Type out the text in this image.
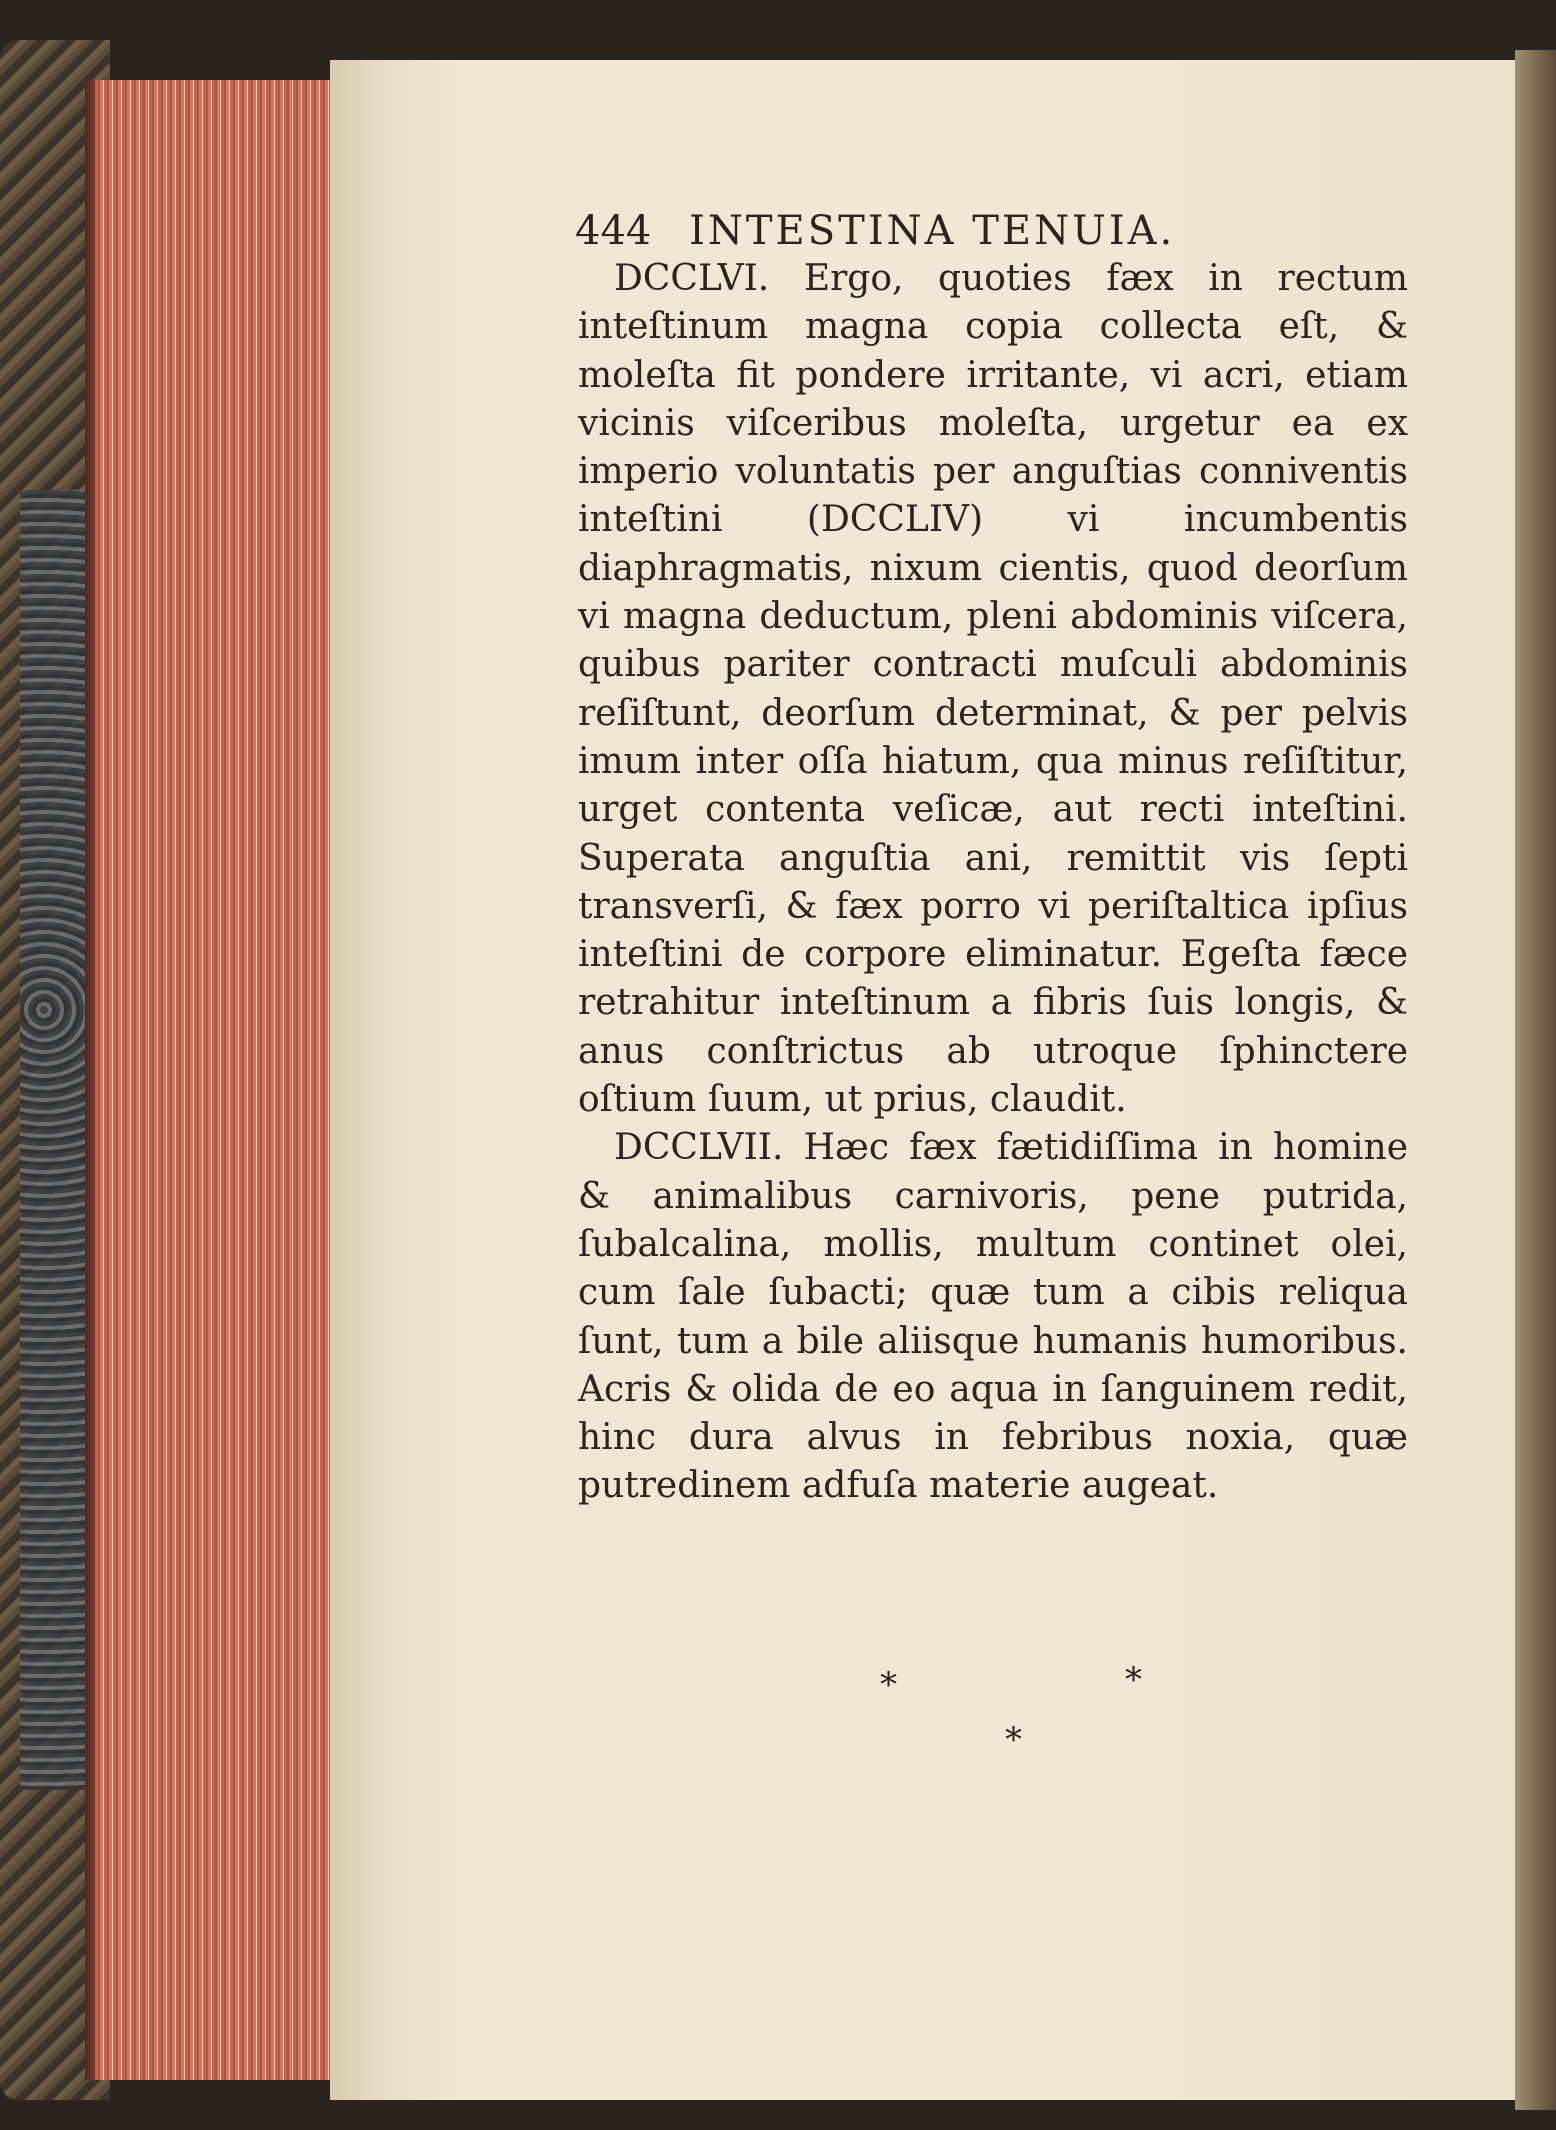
444 INTESTINA TENUIA.

DCCLVI. Ergo, quoties fæx in rectum inteſtinum magna copia collecta eſt, & moleſta fit pondere irritante, vi acri, etiam vicinis viſceribus moleſta, urgetur ea ex imperio voluntatis per anguſtias conniventis inteſtini (DCCLIV) vi incumbentis diaphragmatis, nixum cientis, quod deorſum vi magna deductum, pleni abdominis viſcera, quibus pariter contracti muſculi abdominis reſiſtunt, deorſum determinat, & per pelvis imum inter oſſa hiatum, qua minus reſiſtitur, urget contenta veſicæ, aut recti inteſtini. Superata anguſtia ani, remittit vis ſepti transverſi, & fæx porro vi periſtaltica ipſius inteſtini de corpore eliminatur. Egeſta fæce retrahitur inteſtinum a fibris ſuis longis, & anus conſtrictus ab utroque ſphinctere oſtium ſuum, ut prius, claudit.

DCCLVII. Hæc fæx fætidiſſima in homine & animalibus carnivoris, pene putrida, ſubalcalina, mollis, multum continet olei, cum ſale ſubacti; quæ tum a cibis reliqua ſunt, tum a bile aliisque humanis humoribus. Acris & olida de eo aqua in ſanguinem redit, hinc dura alvus in febribus noxia, quæ putredinem adfuſa materie augeat.

*	*
*
